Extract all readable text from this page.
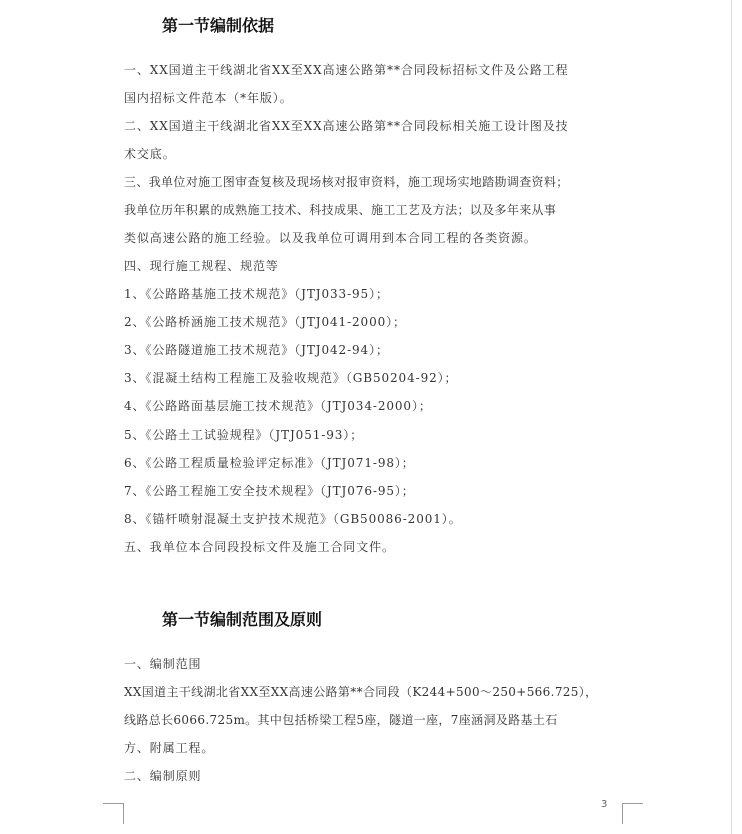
第一节编制依据
一、XX国道主干线湖北省XX至XX高速公路第**合同段标招标文件及公路工程
国内招标文件范本（*年版）。
二、XX国道主干线湖北省XX至XX高速公路第**合同段标相关施工设计图及技
术交底。
三、我单位对施工图审查复核及现场核对报审资料，施工现场实地踏勘调查资料；
我单位历年积累的成熟施工技术、科技成果、施工工艺及方法；以及多年来从事
类似高速公路的施工经验。以及我单位可调用到本合同工程的各类资源。
四、现行施工规程、规范等
1、《公路路基施工技术规范》（JTJ033-95）；
2、《公路桥涵施工技术规范》（JTJ041-2000）；
3、《公路隧道施工技术规范》（JTJ042-94）；
3、《混凝土结构工程施工及验收规范》（GB50204-92）；
4、《公路路面基层施工技术规范》（JTJ034-2000）；
5、《公路土工试验规程》（JTJ051-93）；
6、《公路工程质量检验评定标准》（JTJ071-98）；
7、《公路工程施工安全技术规程》（JTJ076-95）；
8、《锚杆喷射混凝土支护技术规范》（GB50086-2001）。
五、我单位本合同段投标文件及施工合同文件。
第一节编制范围及原则
一、编制范围
XX国道主干线湖北省XX至XX高速公路第**合同段（K244+500～250+566.725），
线路总长6066.725m。其中包括桥梁工程5座，隧道一座，7座涵洞及路基土石
方、附属工程。
二、编制原则
3
